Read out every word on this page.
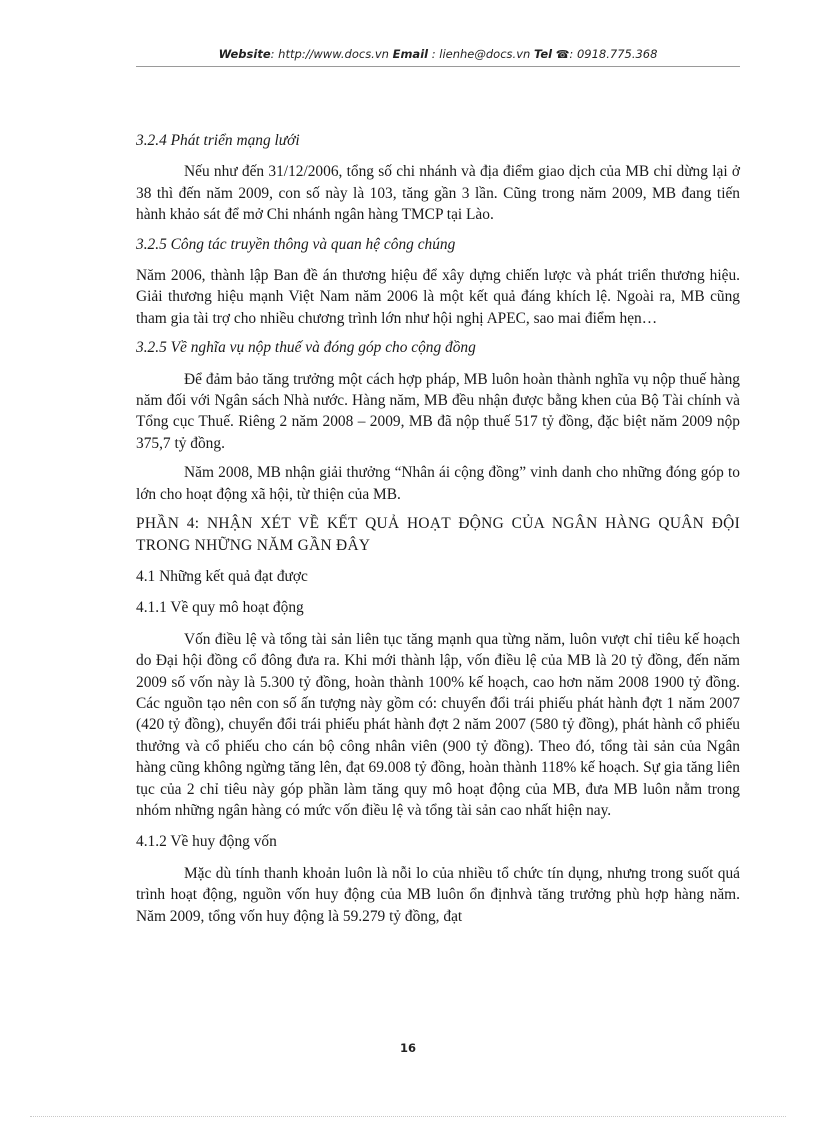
Website: http://www.docs.vn Email : lienhe@docs.vn Tel ☎: 0918.775.368

3.2.4 Phát triển mạng lưới

Nếu như đến 31/12/2006, tổng số chi nhánh và địa điểm giao dịch của MB chỉ dừng lại ở 38 thì đến năm 2009, con số này là 103, tăng gần 3 lần. Cũng trong năm 2009, MB đang tiến hành khảo sát để mở Chi nhánh ngân hàng TMCP tại Lào.

3.2.5 Công tác truyền thông và quan hệ công chúng

Năm 2006, thành lập Ban đề án thương hiệu để xây dựng chiến lược và phát triển thương hiệu. Giải thương hiệu mạnh Việt Nam năm 2006 là một kết quả đáng khích lệ. Ngoài ra, MB cũng tham gia tài trợ cho nhiều chương trình lớn như hội nghị APEC, sao mai điểm hẹn…

3.2.5 Về nghĩa vụ nộp thuế và đóng góp cho cộng đồng

Để đảm bảo tăng trưởng một cách hợp pháp, MB luôn hoàn thành nghĩa vụ nộp thuế hàng năm đối với Ngân sách Nhà nước. Hàng năm, MB đều nhận được bằng khen của Bộ Tài chính và Tổng cục Thuế. Riêng 2 năm 2008 – 2009, MB đã nộp thuế 517 tỷ đồng, đặc biệt năm 2009 nộp 375,7 tỷ đồng.

Năm 2008, MB nhận giải thưởng “Nhân ái cộng đồng” vinh danh cho những đóng góp to lớn cho hoạt động xã hội, từ thiện của MB.

PHẦN 4: NHẬN XÉT VỀ KẾT QUẢ HOẠT ĐỘNG CỦA NGÂN HÀNG QUÂN ĐỘI TRONG NHỮNG NĂM GẦN ĐÂY

4.1 Những kết quả đạt được

4.1.1 Về quy mô hoạt động

Vốn điều lệ và tổng tài sản liên tục tăng mạnh qua từng năm, luôn vượt chỉ tiêu kế hoạch do Đại hội đồng cổ đông đưa ra. Khi mới thành lập, vốn điều lệ của MB là 20 tỷ đồng, đến năm 2009 số vốn này là 5.300 tỷ đồng, hoàn thành 100% kế hoạch, cao hơn năm 2008 1900 tỷ đồng. Các nguồn tạo nên con số ấn tượng này gồm có: chuyển đổi trái phiếu phát hành đợt 1 năm 2007 (420 tỷ đồng), chuyển đổi trái phiếu phát hành đợt 2 năm 2007 (580 tỷ đồng), phát hành cổ phiếu thưởng và cổ phiếu cho cán bộ công nhân viên (900 tỷ đồng). Theo đó, tổng tài sản của Ngân hàng cũng không ngừng tăng lên, đạt 69.008 tỷ đồng, hoàn thành 118% kế hoạch. Sự gia tăng liên tục của 2 chỉ tiêu này góp phần làm tăng quy mô hoạt động của MB, đưa MB luôn nằm trong nhóm những ngân hàng có mức vốn điều lệ và tổng tài sản cao nhất hiện nay.

4.1.2 Về huy động vốn

Mặc dù tính thanh khoản luôn là nỗi lo của nhiều tổ chức tín dụng, nhưng trong suốt quá trình hoạt động, nguồn vốn huy động của MB luôn ổn địnhvà tăng trưởng phù hợp hàng năm. Năm 2009, tổng vốn huy động là 59.279 tỷ đồng, đạt

16
